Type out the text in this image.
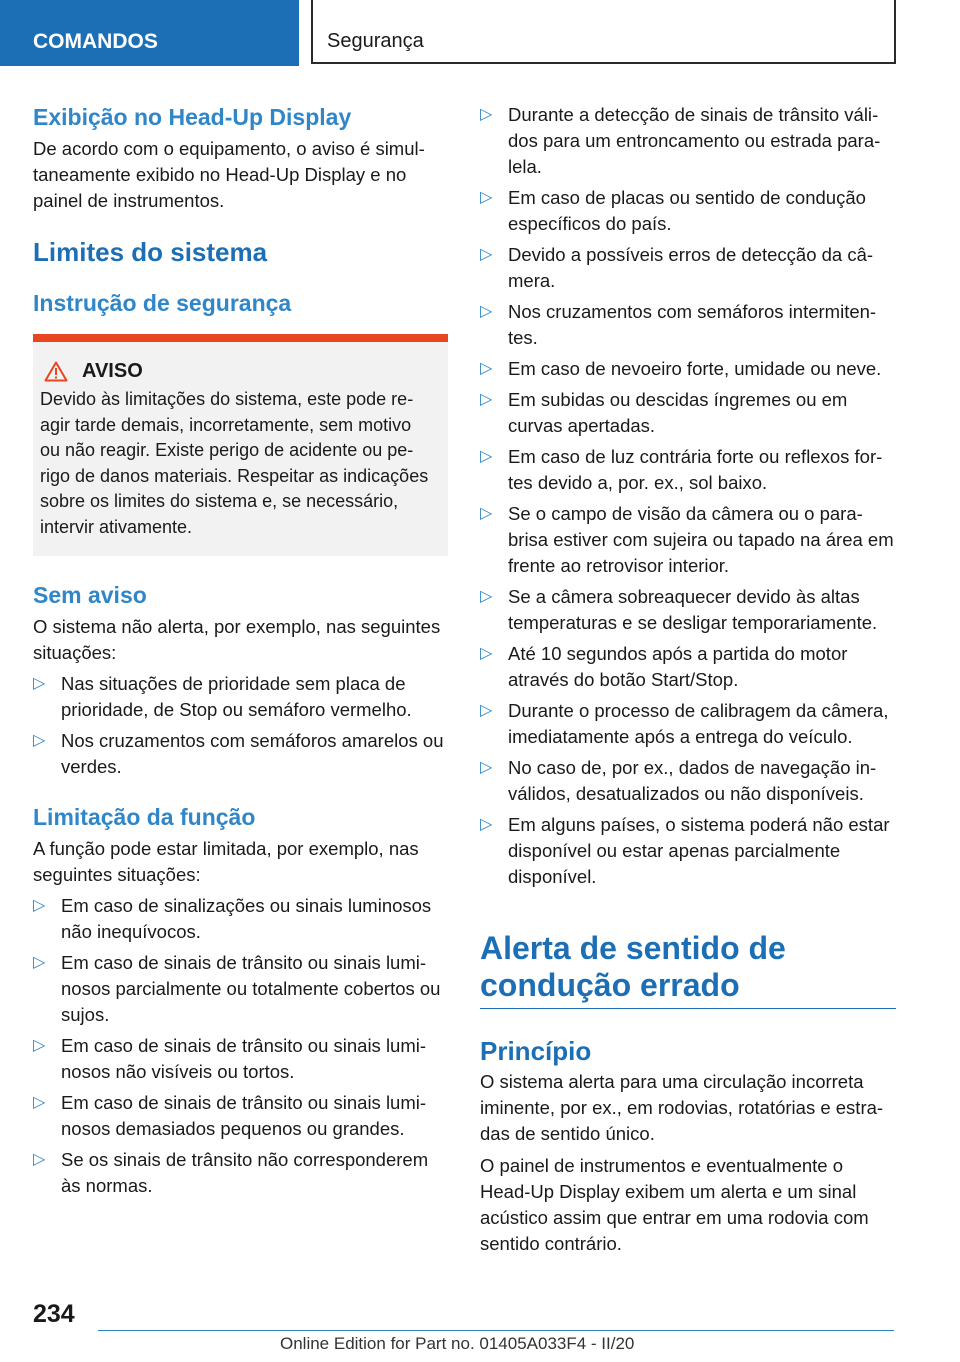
COMANDOS	Segurança
Exibição no Head-Up Display

De acordo com o equipamento, o aviso é simultaneamente exibido no Head-Up Display e no painel de instrumentos.

Limites do sistema
Instrução de segurança
AVISO

Devido às limitações do sistema, este pode reagir tarde demais, incorretamente, sem motivo ou não reagir. Existe perigo de acidente ou perigo de danos materiais. Respeitar as indicações sobre os limites do sistema e, se necessário, intervir ativamente.

Sem aviso

O sistema não alerta, por exemplo, nas seguintes situações:

▷ Nas situações de prioridade sem placa de prioridade, de Stop ou semáforo vermelho.
▷ Nos cruzamentos com semáforos amarelos ou verdes.
Limitação da função

A função pode estar limitada, por exemplo, nas seguintes situações:

▷ Em caso de sinalizações ou sinais luminosos não inequívocos.
▷ Em caso de sinais de trânsito ou sinais luminosos parcialmente ou totalmente cobertos ou sujos.
▷ Em caso de sinais de trânsito ou sinais luminosos não visíveis ou tortos.
▷ Em caso de sinais de trânsito ou sinais luminosos demasiados pequenos ou grandes.
▷ Se os sinais de trânsito não corresponderem às normas.
▷ Durante a detecção de sinais de trânsito válidos para um entroncamento ou estrada paralela.
▷ Em caso de placas ou sentido de condução específicos do país.
▷ Devido a possíveis erros de detecção da câmera.
▷ Nos cruzamentos com semáforos intermitentes.
▷ Em caso de nevoeiro forte, umidade ou neve.
▷ Em subidas ou descidas íngremes ou em curvas apertadas.
▷ Em caso de luz contrária forte ou reflexos fortes devido a, por. ex., sol baixo.
▷ Se o campo de visão da câmera ou o para-brisa estiver com sujeira ou tapado na área em frente ao retrovisor interior.
▷ Se a câmera sobreaquecer devido às altas temperaturas e se desligar temporariamente.
▷ Até 10 segundos após a partida do motor através do botão Start/Stop.
▷ Durante o processo de calibragem da câmera, imediatamente após a entrega do veículo.
▷ No caso de, por ex., dados de navegação inválidos, desatualizados ou não disponíveis.
▷ Em alguns países, o sistema poderá não estar disponível ou estar apenas parcialmente disponível.
Alerta de sentido de condução errado
Princípio

O sistema alerta para uma circulação incorreta iminente, por ex., em rodovias, rotatórias e estradas de sentido único.

O painel de instrumentos e eventualmente o Head-Up Display exibem um alerta e um sinal acústico assim que entrar em uma rodovia com sentido contrário.

234
Online Edition for Part no. 01405A033F4 - II/20
